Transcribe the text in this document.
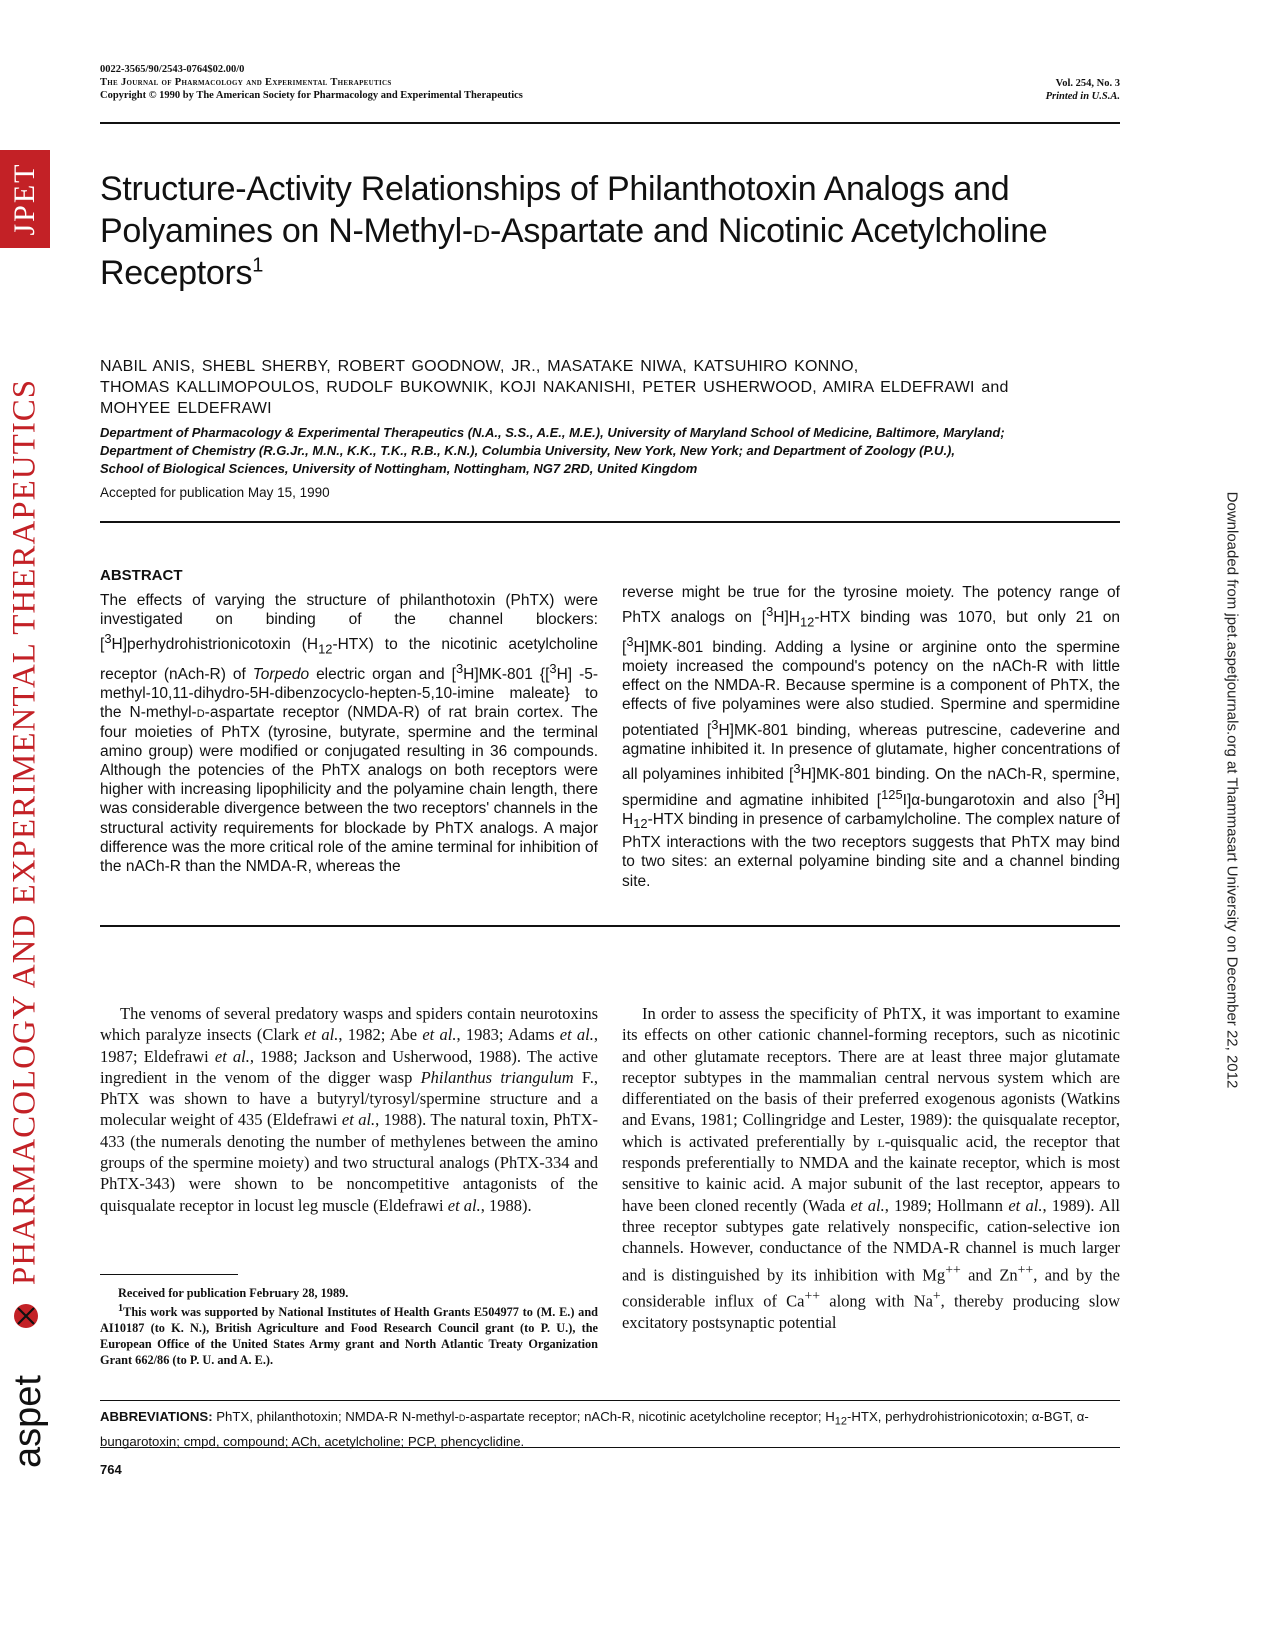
JPET
PHARMACOLOGY AND EXPERIMENTAL THERAPEUTICS
aspet
Downloaded from jpet.aspetjournals.org at Thammasart University on December 22, 2012
0022-3565/90/2543-0764$02.00/0
The Journal of Pharmacology and Experimental Therapeutics
Copyright © 1990 by The American Society for Pharmacology and Experimental Therapeutics
Vol. 254, No. 3
Printed in U.S.A.
Structure-Activity Relationships of Philanthotoxin Analogs and
Polyamines on N-Methyl-d-Aspartate and Nicotinic Acetylcholine
Receptors$^1$
NABIL ANIS, SHEBL SHERBY, ROBERT GOODNOW, JR., MASATAKE NIWA, KATSUHIRO KONNO,
THOMAS KALLIMOPOULOS, RUDOLF BUKOWNIK, KOJI NAKANISHI, PETER USHERWOOD, AMIRA ELDEFRAWI and
MOHYEE ELDEFRAWI
Department of Pharmacology & Experimental Therapeutics (N.A., S.S., A.E., M.E.), University of Maryland School of Medicine, Baltimore, Maryland;
Department of Chemistry (R.G.Jr., M.N., K.K., T.K., R.B., K.N.), Columbia University, New York, New York; and Department of Zoology (P.U.),
School of Biological Sciences, University of Nottingham, Nottingham, NG7 2RD, United Kingdom
Accepted for publication May 15, 1990
ABSTRACT
The effects of varying the structure of philanthotoxin (PhTX) were investigated on binding of the channel blockers: [$^3$H]perhydrohistrionicotoxin $(H_{12}-HTX)$ to the nicotinic acetylcholine receptor (nAch-R) of Torpedo electric organ and [$^3$H]MK-801 {[$^3$H] -5-methyl-10,11-dihydro-5H-dibenzocyclo-hepten-5,10-imine maleate} to the N-methyl-d-aspartate receptor (NMDA-R) of rat brain cortex. The four moieties of PhTX (tyrosine, butyrate, spermine and the terminal amino group) were modified or conjugated resulting in 36 compounds. Although the potencies of the PhTX analogs on both receptors were higher with increasing lipophilicity and the polyamine chain length, there was considerable divergence between the two receptors' channels in the structural activity requirements for blockade by PhTX analogs. A major difference was the more critical role of the amine terminal for inhibition of the nACh-R than the NMDA-R, whereas the
reverse might be true for the tyrosine moiety. The potency range of PhTX analogs on $[^3H]H_{12}$-HTX binding was 1070, but only 21 on [$^3$H]MK-801 binding. Adding a lysine or arginine onto the spermine moiety increased the compound's potency on the nACh-R with little effect on the NMDA-R. Because spermine is a component of PhTX, the effects of five polyamines were also studied. Spermine and spermidine potentiated [$^3$H]MK-801 binding, whereas putrescine, cadeverine and agmatine inhibited it. In presence of glutamate, higher concentrations of all polyamines inhibited [$^3$H]MK-801 binding. On the nACh-R, spermine, spermidine and agmatine inhibited [$^{125}$I]α-bungarotoxin and also [$^3$H] $H_{12}$-HTX binding in presence of carbamylcholine. The complex nature of PhTX interactions with the two receptors suggests that PhTX may bind to two sites: an external polyamine binding site and a channel binding site.
The venoms of several predatory wasps and spiders contain neurotoxins which paralyze insects (Clark et al., 1982; Abe et al., 1983; Adams et al., 1987; Eldefrawi et al., 1988; Jackson and Usherwood, 1988). The active ingredient in the venom of the digger wasp Philanthus triangulum F., PhTX was shown to have a butyryl/tyrosyl/spermine structure and a molecular weight of 435 (Eldefrawi et al., 1988). The natural toxin, PhTX-433 (the numerals denoting the number of methylenes between the amino groups of the spermine moiety) and two structural analogs (PhTX-334 and PhTX-343) were shown to be noncompetitive antagonists of the quisqualate receptor in locust leg muscle (Eldefrawi et al., 1988).
In order to assess the specificity of PhTX, it was important to examine its effects on other cationic channel-forming receptors, such as nicotinic and other glutamate receptors. There are at least three major glutamate receptor subtypes in the mammalian central nervous system which are differentiated on the basis of their preferred exogenous agonists (Watkins and Evans, 1981; Collingridge and Lester, 1989): the quisqualate receptor, which is activated preferentially by l-quisqualic acid, the receptor that responds preferentially to NMDA and the kainate receptor, which is most sensitive to kainic acid. A major subunit of the last receptor, appears to have been cloned recently (Wada et al., 1989; Hollmann et al., 1989). All three receptor subtypes gate relatively nonspecific, cation-selective ion channels. However, conductance of the NMDA-R channel is much larger and is distinguished by its inhibition with Mg++ and Zn++, and by the considerable influx of Ca++ along with Na+, thereby producing slow excitatory postsynaptic potential

Received for publication February 28, 1989.

$^1$This work was supported by National Institutes of Health Grants E504977 to (M. E.) and AI10187 (to K. N.), British Agriculture and Food Research Council grant (to P. U.), the European Office of the United States Army grant and North Atlantic Treaty Organization Grant 662/86 (to P. U. and A. E.).

ABBREVIATIONS: PhTX, philanthotoxin; NMDA-R N-methyl-d-aspartate receptor; nACh-R, nicotinic acetylcholine receptor; $H_{12}$-HTX, perhydrohistrionicotoxin; α-BGT, α-bungarotoxin; cmpd, compound; ACh, acetylcholine; PCP, phencyclidine.
764
